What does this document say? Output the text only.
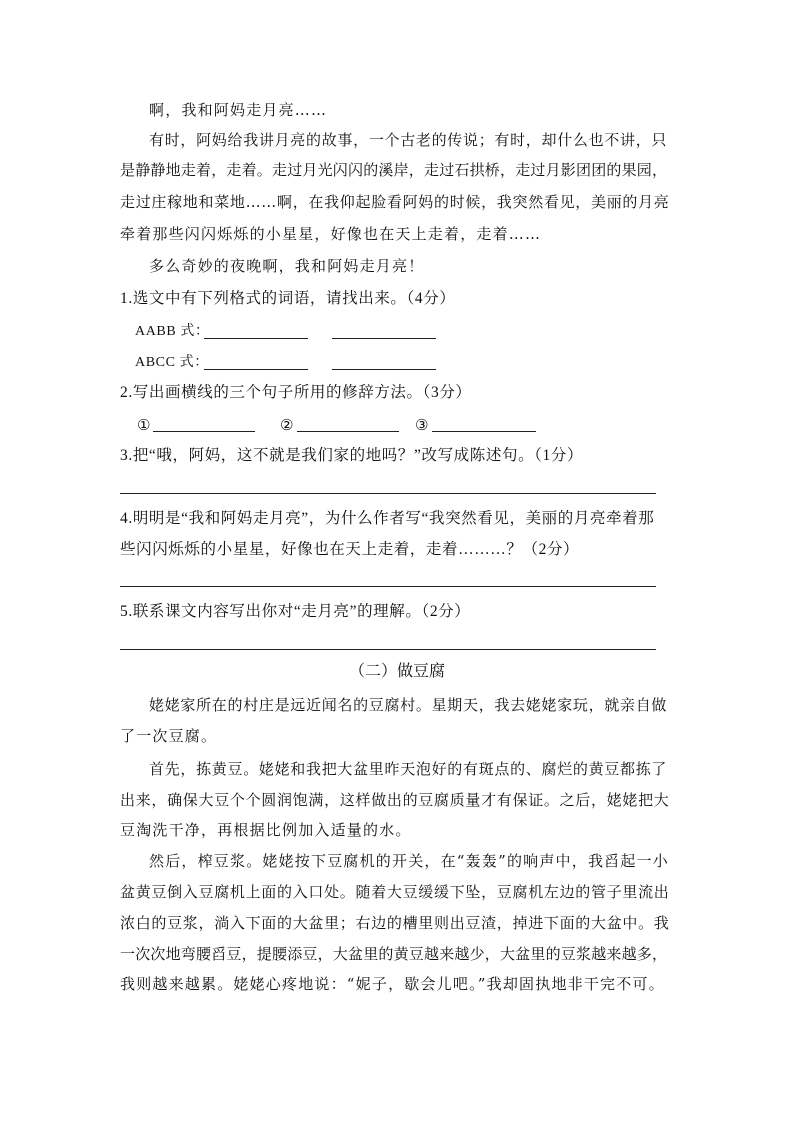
啊，我和阿妈走月亮……
有时，阿妈给我讲月亮的故事，一个古老的传说；有时，却什么也不讲，只
是静静地走着，走着。走过月光闪闪的溪岸，走过石拱桥，走过月影团团的果园，
走过庄稼地和菜地……啊，在我仰起脸看阿妈的时候，我突然看见，美丽的月亮
牵着那些闪闪烁烁的小星星，好像也在天上走着，走着……
多么奇妙的夜晚啊，我和阿妈走月亮！
1.选文中有下列格式的词语，请找出来。（4分）
AABB 式：
ABCC 式：
2.写出画横线的三个句子所用的修辞方法。（3分）
①	②	③
3.把“哦，阿妈，这不就是我们家的地吗？”改写成陈述句。（1分）
4.明明是“我和阿妈走月亮”，为什么作者写“我突然看见，美丽的月亮牵着那
些闪闪烁烁的小星星，好像也在天上走着，走着………？（2分）
5.联系课文内容写出你对“走月亮”的理解。（2分）
（二）做豆腐
姥姥家所在的村庄是远近闻名的豆腐村。星期天，我去姥姥家玩，就亲自做
了一次豆腐。
首先，拣黄豆。姥姥和我把大盆里昨天泡好的有斑点的、腐烂的黄豆都拣了
出来，确保大豆个个圆润饱满，这样做出的豆腐质量才有保证。之后，姥姥把大
豆淘洗干净，再根据比例加入适量的水。
然后，榨豆浆。姥姥按下豆腐机的开关，在“轰轰”的响声中，我舀起一小
盆黄豆倒入豆腐机上面的入口处。随着大豆缓缓下坠，豆腐机左边的管子里流出
浓白的豆浆，淌入下面的大盆里；右边的槽里则出豆渣，掉进下面的大盆中。我
一次次地弯腰舀豆，提腰添豆，大盆里的黄豆越来越少，大盆里的豆浆越来越多，
我则越来越累。姥姥心疼地说：“妮子，歇会儿吧。”我却固执地非干完不可。
